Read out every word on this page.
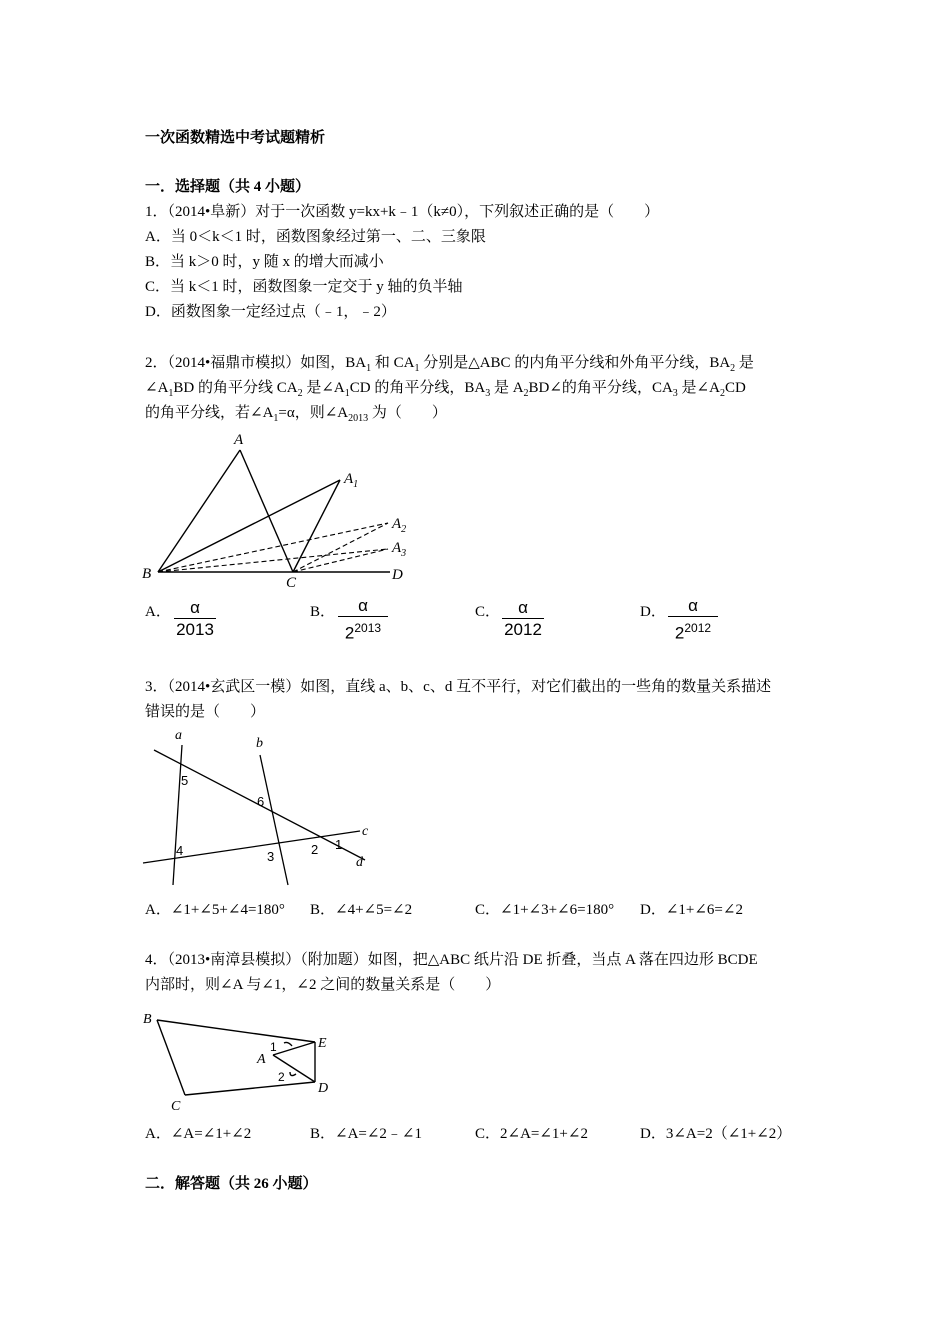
一次函数精选中考试题精析
一．选择题（共 4 小题）
1．（2014•阜新）对于一次函数 y=kx+k﹣1（k≠0），下列叙述正确的是（　　）
A．当 0＜k＜1 时，函数图象经过第一、二、三象限
B．当 k＞0 时，y 随 x 的增大而减小
C．当 k＜1 时，函数图象一定交于 y 轴的负半轴
D．函数图象一定经过点（﹣1，﹣2）
2．（2014•福鼎市模拟）如图，$BA_1$ 和 $CA_1$ 分别是△ABC 的内角平分线和外角平分线，$BA_2$ 是
$\angle A_1BD$ 的角平分线 $CA_2$ 是$\angle A_1CD$ 的角平分线，$BA_3$ 是 $A_2BD\angle$的角平分线，$CA_3$ 是$\angle A_2CD$
的角平分线，若$\angle A_1=\alpha$，则$\angle A_{2013}$ 为（　　）
A
$A_1$
$A_2$
$A_3$
B
C	D
A．	α
2013
B．	α
$2^{2013}$
C．	α
2012
D．	α
$2^{2012}$
3．（2014•玄武区一模）如图，直线 a、b、c、d 互不平行，对它们截出的一些角的数量关系描述
错误的是（　　）
a
b
c
d
5
6
4	3	2 1
A．∠1+∠5+∠4=180° B．∠4+∠5=∠2	C．∠1+∠3+∠6=180° D．∠1+∠6=∠2
4．（2013•南漳县模拟）（附加题）如图，把△ABC 纸片沿 DE 折叠，当点 A 落在四边形 BCDE
内部时，则∠A 与∠1，∠2 之间的数量关系是（　　）
B
C
E
D
A
1
2
A．∠A=∠1+∠2	B．∠A=∠2﹣∠1	C．2∠A=∠1+∠2	D．3∠A=2（∠1+∠2）
二．解答题（共 26 小题）
